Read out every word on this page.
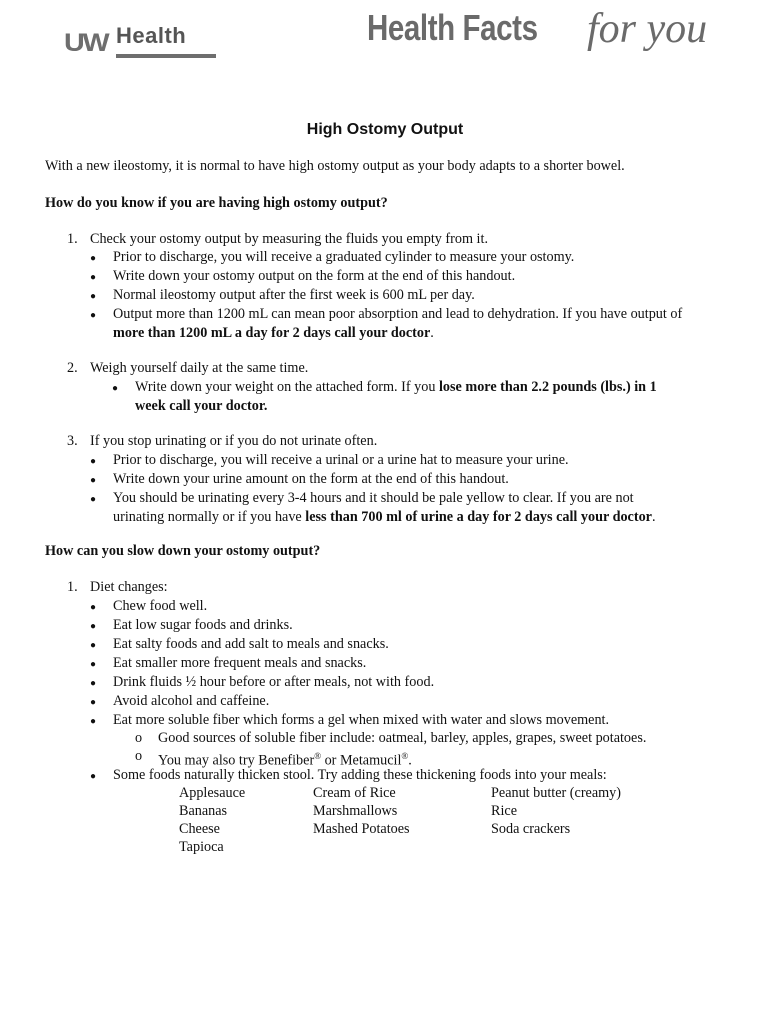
UW Health	Health Facts for you
High Ostomy Output
With a new ileostomy, it is normal to have high ostomy output as your body adapts to a shorter bowel.
How do you know if you are having high ostomy output?
1. Check your ostomy output by measuring the fluids you empty from it.
● Prior to discharge, you will receive a graduated cylinder to measure your ostomy.
● Write down your ostomy output on the form at the end of this handout.
● Normal ileostomy output after the first week is 600 mL per day.
● Output more than 1200 mL can mean poor absorption and lead to dehydration. If you have output of
more than 1200 mL a day for 2 days call your doctor.
2. Weigh yourself daily at the same time.
● Write down your weight on the attached form. If you lose more than 2.2 pounds (lbs.) in 1
week call your doctor.
3. If you stop urinating or if you do not urinate often.
● Prior to discharge, you will receive a urinal or a urine hat to measure your urine.
● Write down your urine amount on the form at the end of this handout.
● You should be urinating every 3-4 hours and it should be pale yellow to clear. If you are not
urinating normally or if you have less than 700 ml of urine a day for 2 days call your doctor.
How can you slow down your ostomy output?
1. Diet changes:
● Chew food well.
● Eat low sugar foods and drinks.
● Eat salty foods and add salt to meals and snacks.
● Eat smaller more frequent meals and snacks.
● Drink fluids ½ hour before or after meals, not with food.
● Avoid alcohol and caffeine.
● Eat more soluble fiber which forms a gel when mixed with water and slows movement.
o Good sources of soluble fiber include: oatmeal, barley, apples, grapes, sweet potatoes.
o You may also try Benefiber® or Metamucil®.
● Some foods naturally thicken stool. Try adding these thickening foods into your meals:
Applesauce
Bananas
Cheese
Tapioca
Cream of Rice
Marshmallows
Mashed Potatoes
Peanut butter (creamy)
Rice
Soda crackers
